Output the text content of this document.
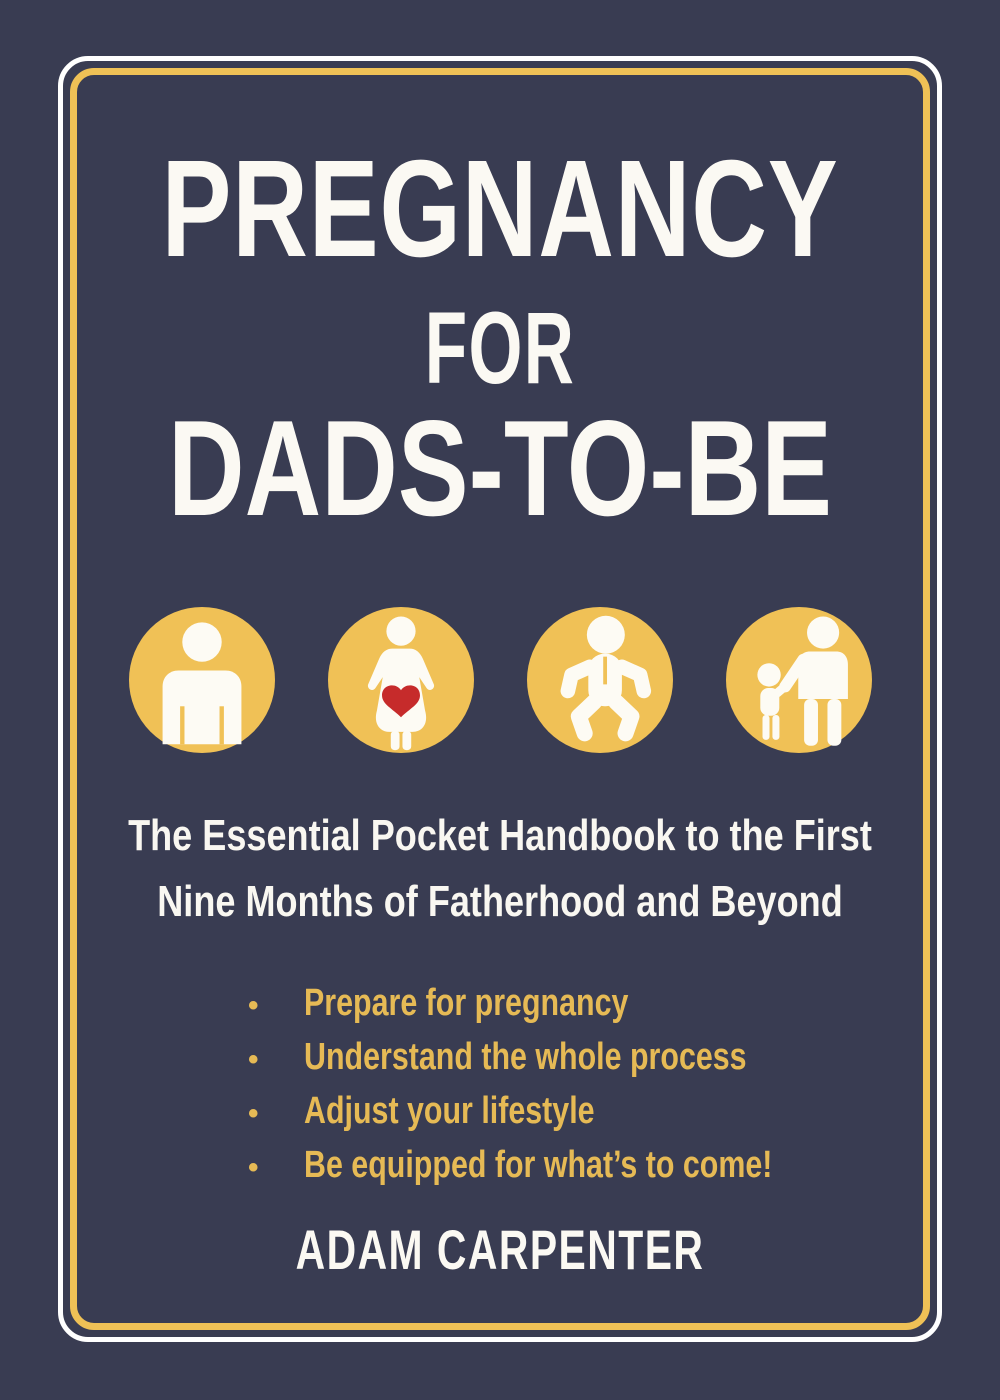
PREGNANCY
FOR
DADS-TO-BE
The Essential Pocket Handbook to the First
Nine Months of Fatherhood and Beyond
•	Prepare for pregnancy
•	Understand the whole process
•	Adjust your lifestyle
•	Be equipped for what’s to come!
ADAM CARPENTER
